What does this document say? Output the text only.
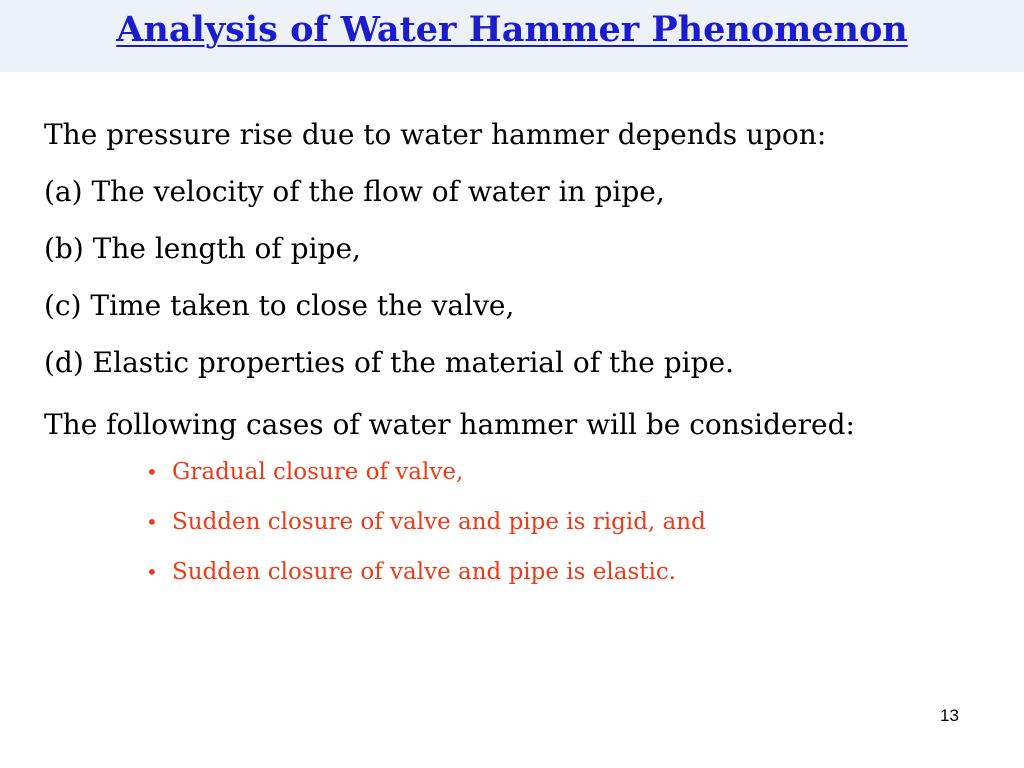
Analysis of Water Hammer Phenomenon

The pressure rise due to water hammer depends upon:

(a) The velocity of the flow of water in pipe,
(b) The length of pipe,
(c) Time taken to close the valve,
(d) Elastic properties of the material of the pipe.

The following cases of water hammer will be considered:

• Gradual closure of valve,
• Sudden closure of valve and pipe is rigid, and
• Sudden closure of valve and pipe is elastic.
13
